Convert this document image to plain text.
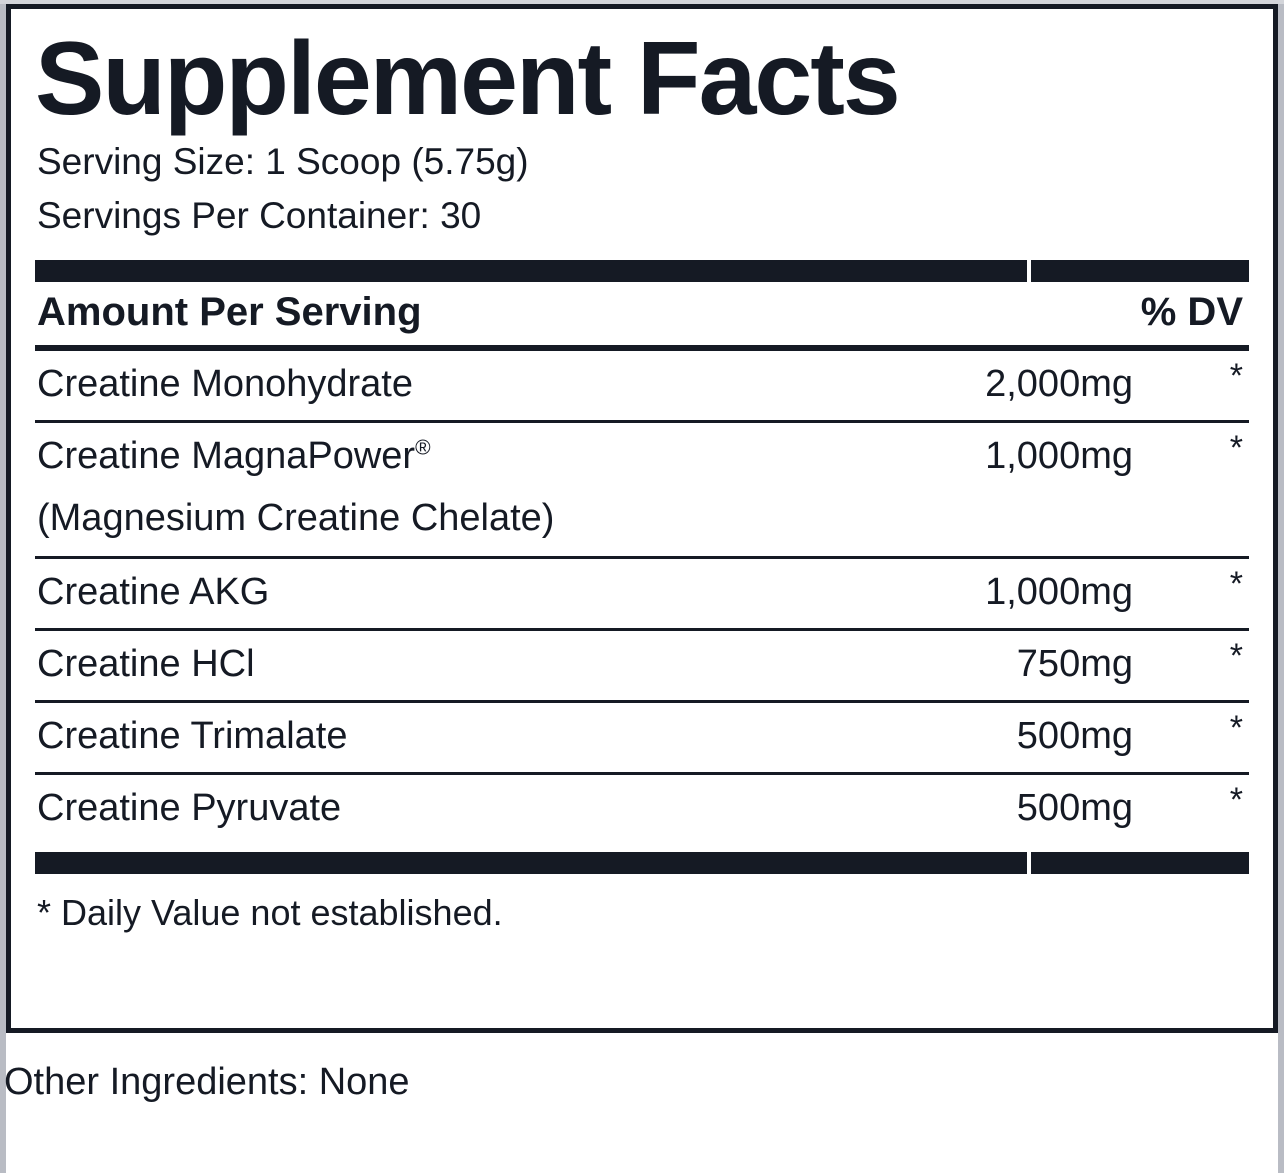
Supplement Facts
Serving Size: 1 Scoop (5.75g)
Servings Per Container: 30
Amount Per Serving	% DV
Creatine Monohydrate	2,000mg	*
Creatine MagnaPower®	1,000mg	*
(Magnesium Creatine Chelate)
Creatine AKG	1,000mg	*
Creatine HCl	750mg	*
Creatine Trimalate	500mg	*
Creatine Pyruvate	500mg	*
* Daily Value not established.
Other Ingredients: None
